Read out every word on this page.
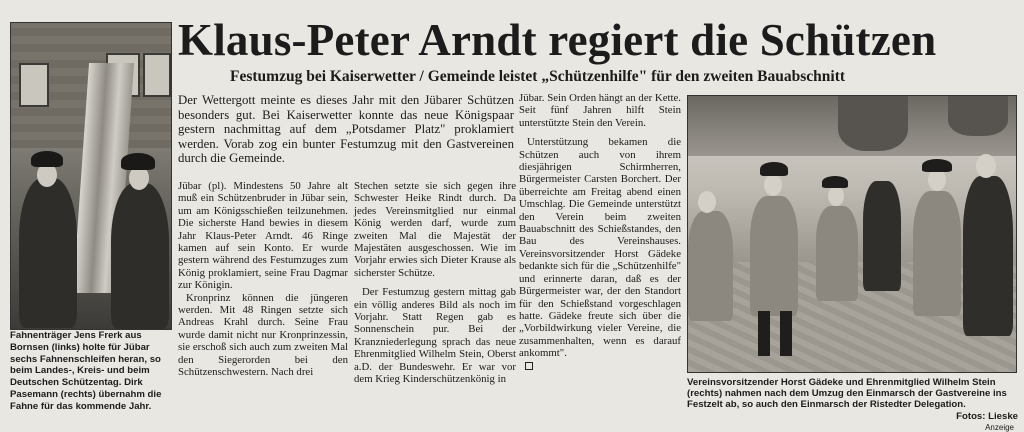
Fahnenträger Jens Frerk aus Bornsen (links) holte für Jübar sechs Fahnenschleifen heran, so beim Landes-, Kreis- und beim Deutschen Schützentag. Dirk Pasemann (rechts) übernahm die Fahne für das kommende Jahr.
Klaus-Peter Arndt regiert die Schützen
Festumzug bei Kaiserwetter / Gemeinde leistet „Schützenhilfe" für den zweiten Bauabschnitt
Der Wettergott meinte es dieses Jahr mit den Jübarer Schützen besonders gut. Bei Kaiserwetter konnte das neue Königspaar gestern nachmittag auf dem „Potsdamer Platz" proklamiert werden. Vorab zog ein bunter Festumzug mit den Gastvereinen durch die Gemeinde.

Jübar (pl). Mindestens 50 Jahre alt muß ein Schützenbruder in Jübar sein, um am Königsschießen teilzunehmen. Die sicherste Hand bewies in diesem Jahr Klaus-Peter Arndt. 46 Ringe kamen auf sein Konto. Er wurde gestern während des Festumzuges zum König proklamiert, seine Frau Dagmar zur Königin.

Kronprinz können die jüngeren werden. Mit 48 Ringen setzte sich Andreas Krahl durch. Seine Frau wurde damit nicht nur Kronprinzessin, sie erschoß sich auch zum zweiten Mal den Siegerorden bei den Schützenschwestern. Nach drei

Stechen setzte sie sich gegen ihre Schwester Heike Rindt durch. Da jedes Vereinsmitglied nur einmal König werden darf, wurde zum zweiten Mal die Majestät der Majestäten ausgeschossen. Wie im Vorjahr erwies sich Dieter Krause als sicherster Schütze.

Der Festumzug gestern mittag gab ein völlig anderes Bild als noch im Vorjahr. Statt Regen gab es Sonnenschein pur. Bei der Kranzniederlegung sprach das neue Ehrenmitglied Wilhelm Stein, Oberst a.D. der Bundeswehr. Er war vor dem Krieg Kinderschützenkönig in

Jübar. Sein Orden hängt an der Kette. Seit fünf Jahren hilft Stein unterstützte Stein den Verein.

Unterstützung bekamen die Schützen auch von ihrem diesjährigen Schirmherren, Bürgermeister Carsten Borchert. Der überreichte am Freitag abend einen Umschlag. Die Gemeinde unterstützt den Verein beim zweiten Bauabschnitt des Schießstandes, den Bau des Vereinshauses. Vereinsvorsitzender Horst Gädeke bedankte sich für die „Schützenhilfe" und erinnerte daran, daß es der Bürgermeister war, der den Standort für den Schießstand vorgeschlagen hatte. Gädeke freute sich über die „Vorbildwirkung vieler Vereine, die zusammenhalten, wenn es darauf ankommt".

Vereinsvorsitzender Horst Gädeke und Ehrenmitglied Wilhelm Stein (rechts) nahmen nach dem Umzug den Einmarsch der Gastvereine ins Festzelt ab, so auch den Einmarsch der Ristedter Delegation.
Fotos: Lieske
Anzeige
